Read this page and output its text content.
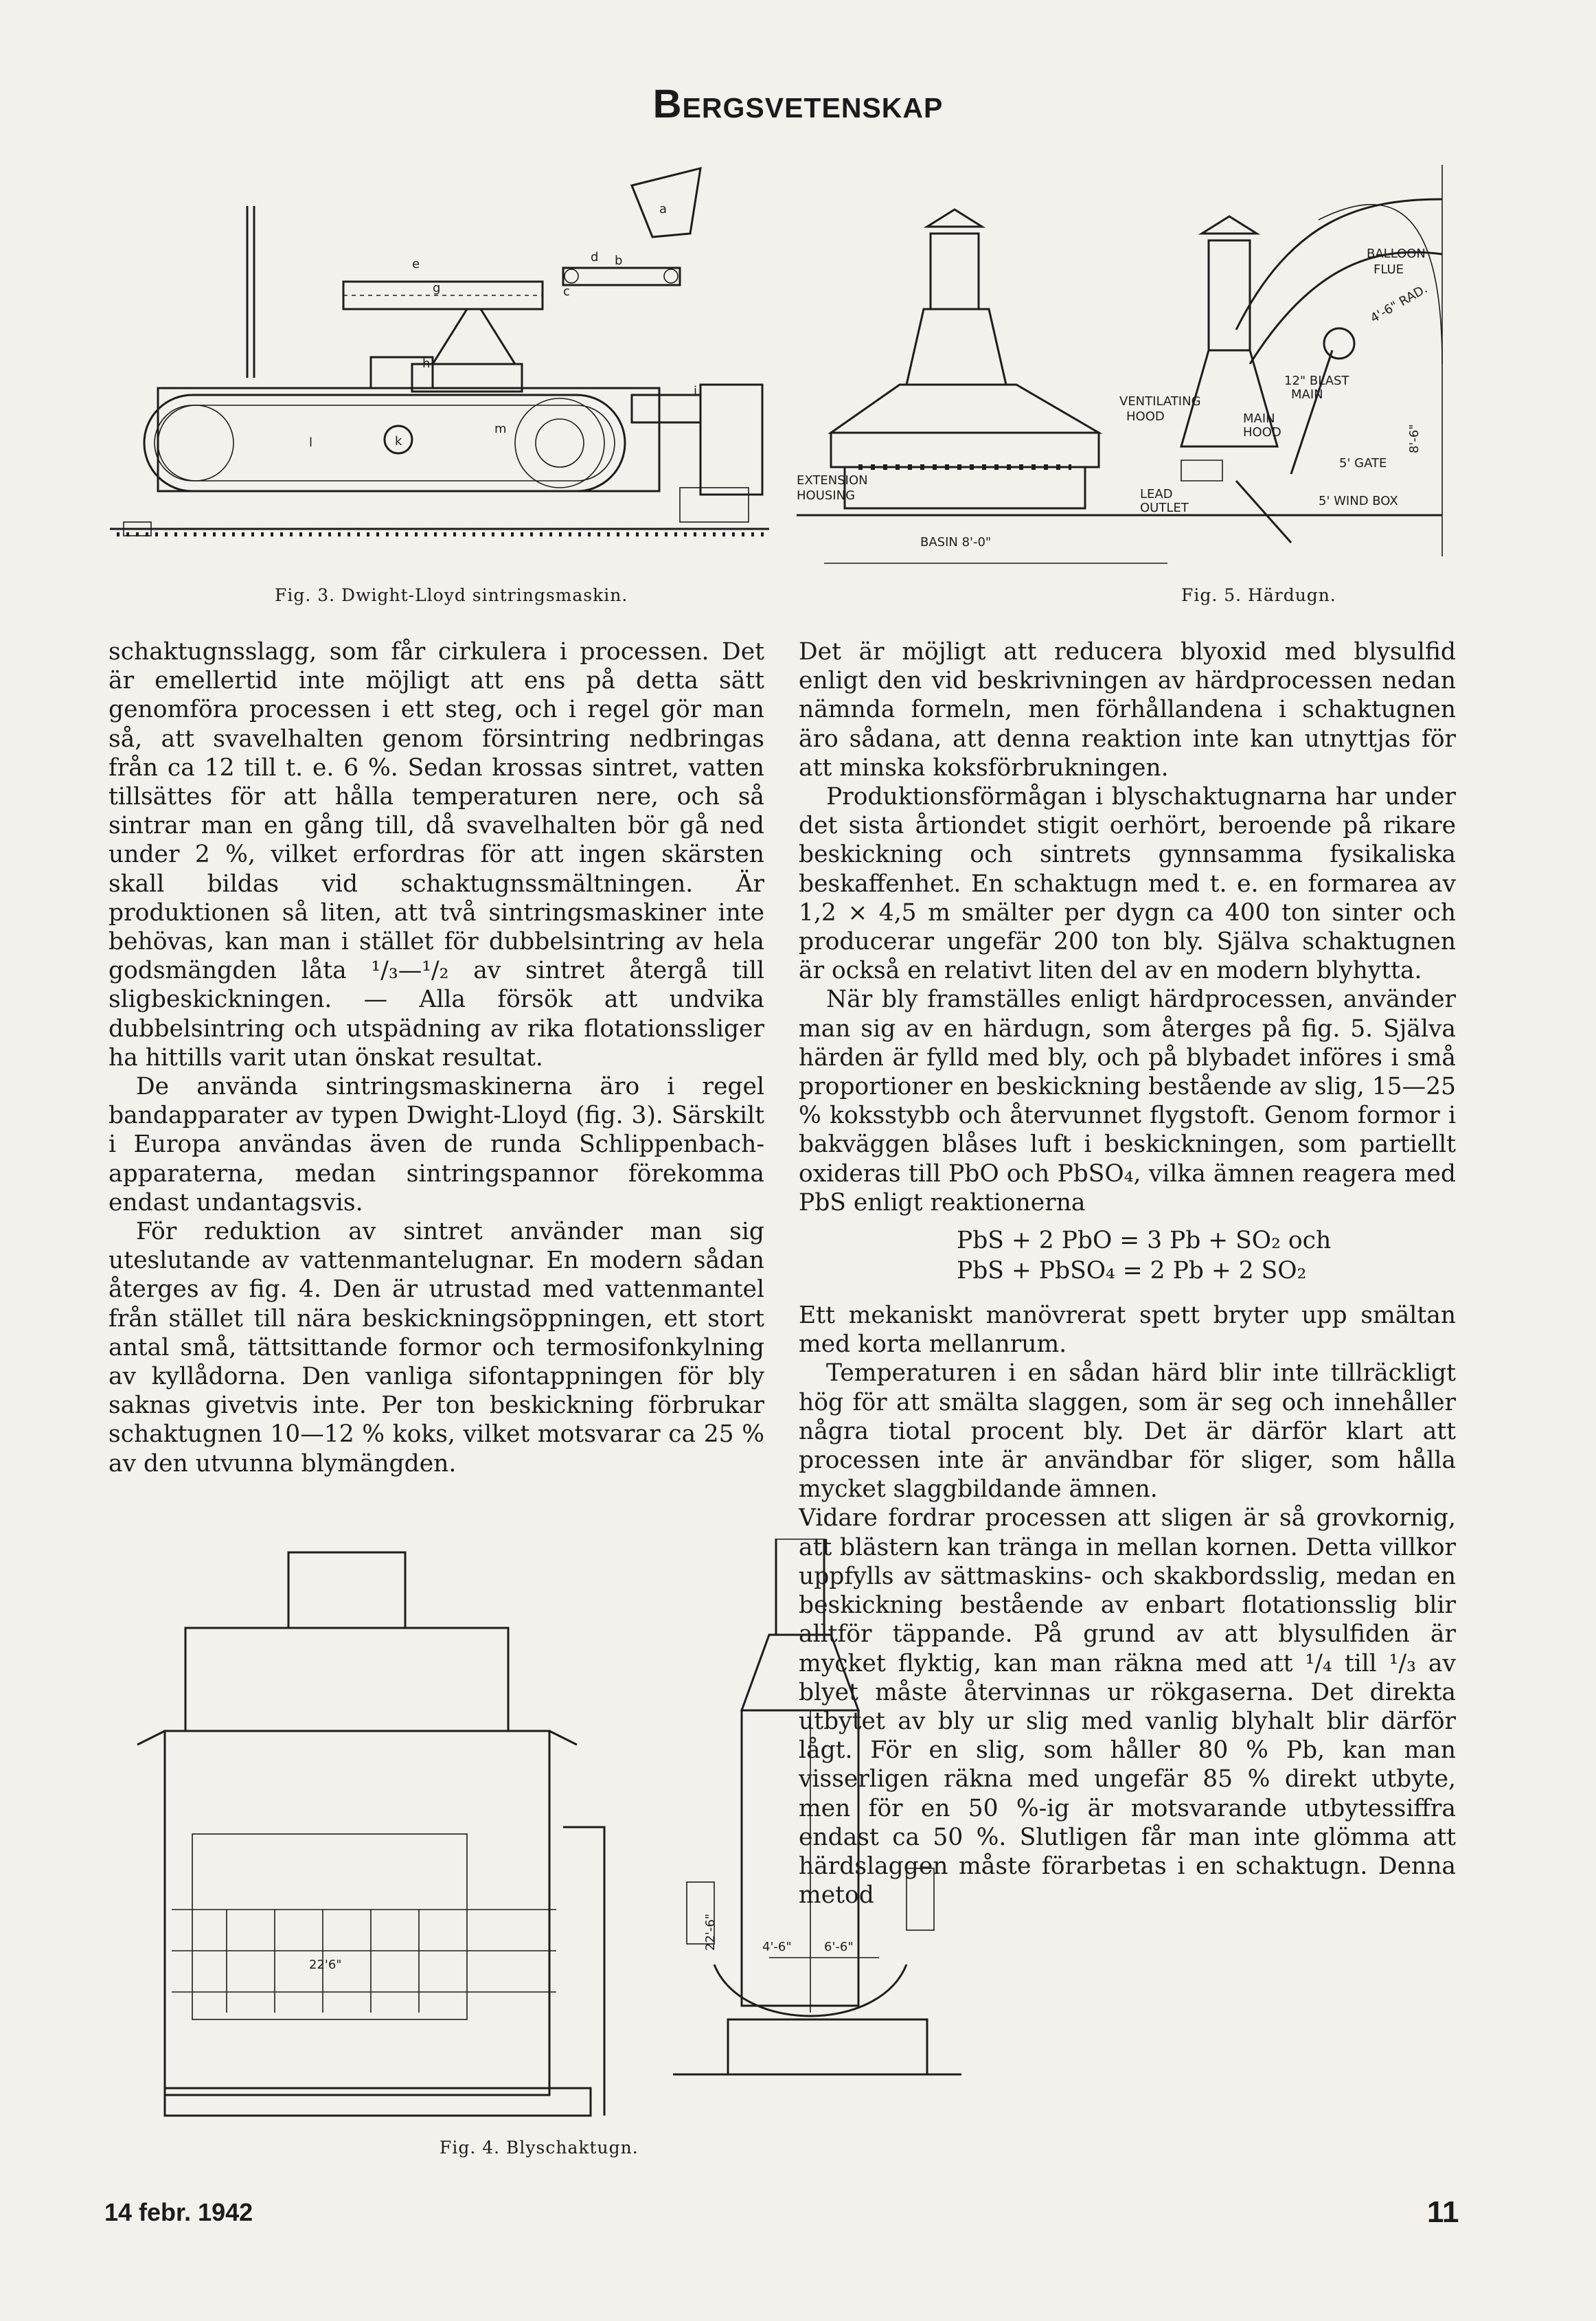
Bergsvetenskap
a
b
c
d
e
g
h
i
k
l
m
Fig. 3. Dwight-Lloyd sintringsmaskin.
BALLOON
FLUE
4'-6" RAD.
12" BLAST
MAIN
VENTILATING
HOOD	MAIN
HOOD
5' GATE
5' WIND BOX
LEAD
OUTLET
EXTENSION
HOUSING
BASIN 8'-0"
8'-6"
Fig. 5. Härdugn.

schaktugnsslagg, som får cirkulera i processen. Det är emellertid inte möjligt att ens på detta sätt genomföra processen i ett steg, och i regel gör man så, att svavelhalten genom försintring nedbringas från ca 12 till t. e. 6 %. Sedan krossas sintret, vatten tillsättes för att hålla temperaturen nere, och så sintrar man en gång till, då svavelhalten bör gå ned under 2 %, vilket erfordras för att ingen skärsten skall bildas vid schaktugnssmältningen. Är produktionen så liten, att två sintringsmaskiner inte behövas, kan man i stället för dubbelsintring av hela godsmängden låta ¹/₃—¹/₂ av sintret återgå till sligbeskickningen. — Alla försök att undvika dubbelsintring och utspädning av rika flotationssliger ha hittills varit utan önskat resultat.

De använda sintringsmaskinerna äro i regel bandapparater av typen Dwight-Lloyd (fig. 3). Särskilt i Europa användas även de runda Schlippenbach-apparaterna, medan sintringspannor förekomma endast undantagsvis.

För reduktion av sintret använder man sig uteslutande av vattenmantelugnar. En modern sådan återges av fig. 4. Den är utrustad med vattenmantel från stället till nära beskickningsöppningen, ett stort antal små, tättsittande formor och termosifonkylning av kyllådorna. Den vanliga sifontappningen för bly saknas givetvis inte. Per ton beskickning förbrukar schaktugnen 10—12 % koks, vilket motsvarar ca 25 % av den utvunna blymängden.

Det är möjligt att reducera blyoxid med blysulfid enligt den vid beskrivningen av härdprocessen nedan nämnda formeln, men förhållandena i schaktugnen äro sådana, att denna reaktion inte kan utnyttjas för att minska koksförbrukningen.

Produktionsförmågan i blyschaktugnarna har under det sista årtiondet stigit oerhört, beroende på rikare beskickning och sintrets gynnsamma fysikaliska beskaffenhet. En schaktugn med t. e. en formarea av 1,2 × 4,5 m smälter per dygn ca 400 ton sinter och producerar ungefär 200 ton bly. Själva schaktugnen är också en relativt liten del av en modern blyhytta.

När bly framställes enligt härdprocessen, använder man sig av en härdugn, som återges på fig. 5. Själva härden är fylld med bly, och på blybadet införes i små proportioner en beskickning bestående av slig, 15—25 % koksstybb och återvunnet flygstoft. Genom formor i bakväggen blåses luft i beskickningen, som partiellt oxideras till PbO och PbSO₄, vilka ämnen reagera med PbS enligt reaktionerna

PbS + 2 PbO = 3 Pb + SO₂ och
PbS + PbSO₄ = 2 Pb + 2 SO₂

Ett mekaniskt manövrerat spett bryter upp smältan med korta mellanrum.

Temperaturen i en sådan härd blir inte tillräckligt hög för att smälta slaggen, som är seg och innehåller några tiotal procent bly. Det är därför klart att processen inte är användbar för sliger, som hålla mycket slaggbildande ämnen.

Vidare fordrar processen att sligen är så grovkornig, att blästern kan tränga in mellan kornen. Detta villkor uppfylls av sättmaskins- och skakbordsslig, medan en beskickning bestående av enbart flotationsslig blir alltför täppande. På grund av att blysulfiden är mycket flyktig, kan man räkna med att ¹/₄ till ¹/₃ av blyet måste återvinnas ur rökgaserna. Det direkta utbytet av bly ur slig med vanlig blyhalt blir därför lågt. För en slig, som håller 80 % Pb, kan man visserligen räkna med ungefär 85 % direkt utbyte, men för en 50 %-ig är motsvarande utbytessiffra endast ca 50 %. Slutligen får man inte glömma att härdslaggen måste förarbetas i en schaktugn. Denna metod

22'6"
22'-6"	4'-6"	6'-6"
Fig. 4. Blyschaktugn.
14 febr. 1942	11
